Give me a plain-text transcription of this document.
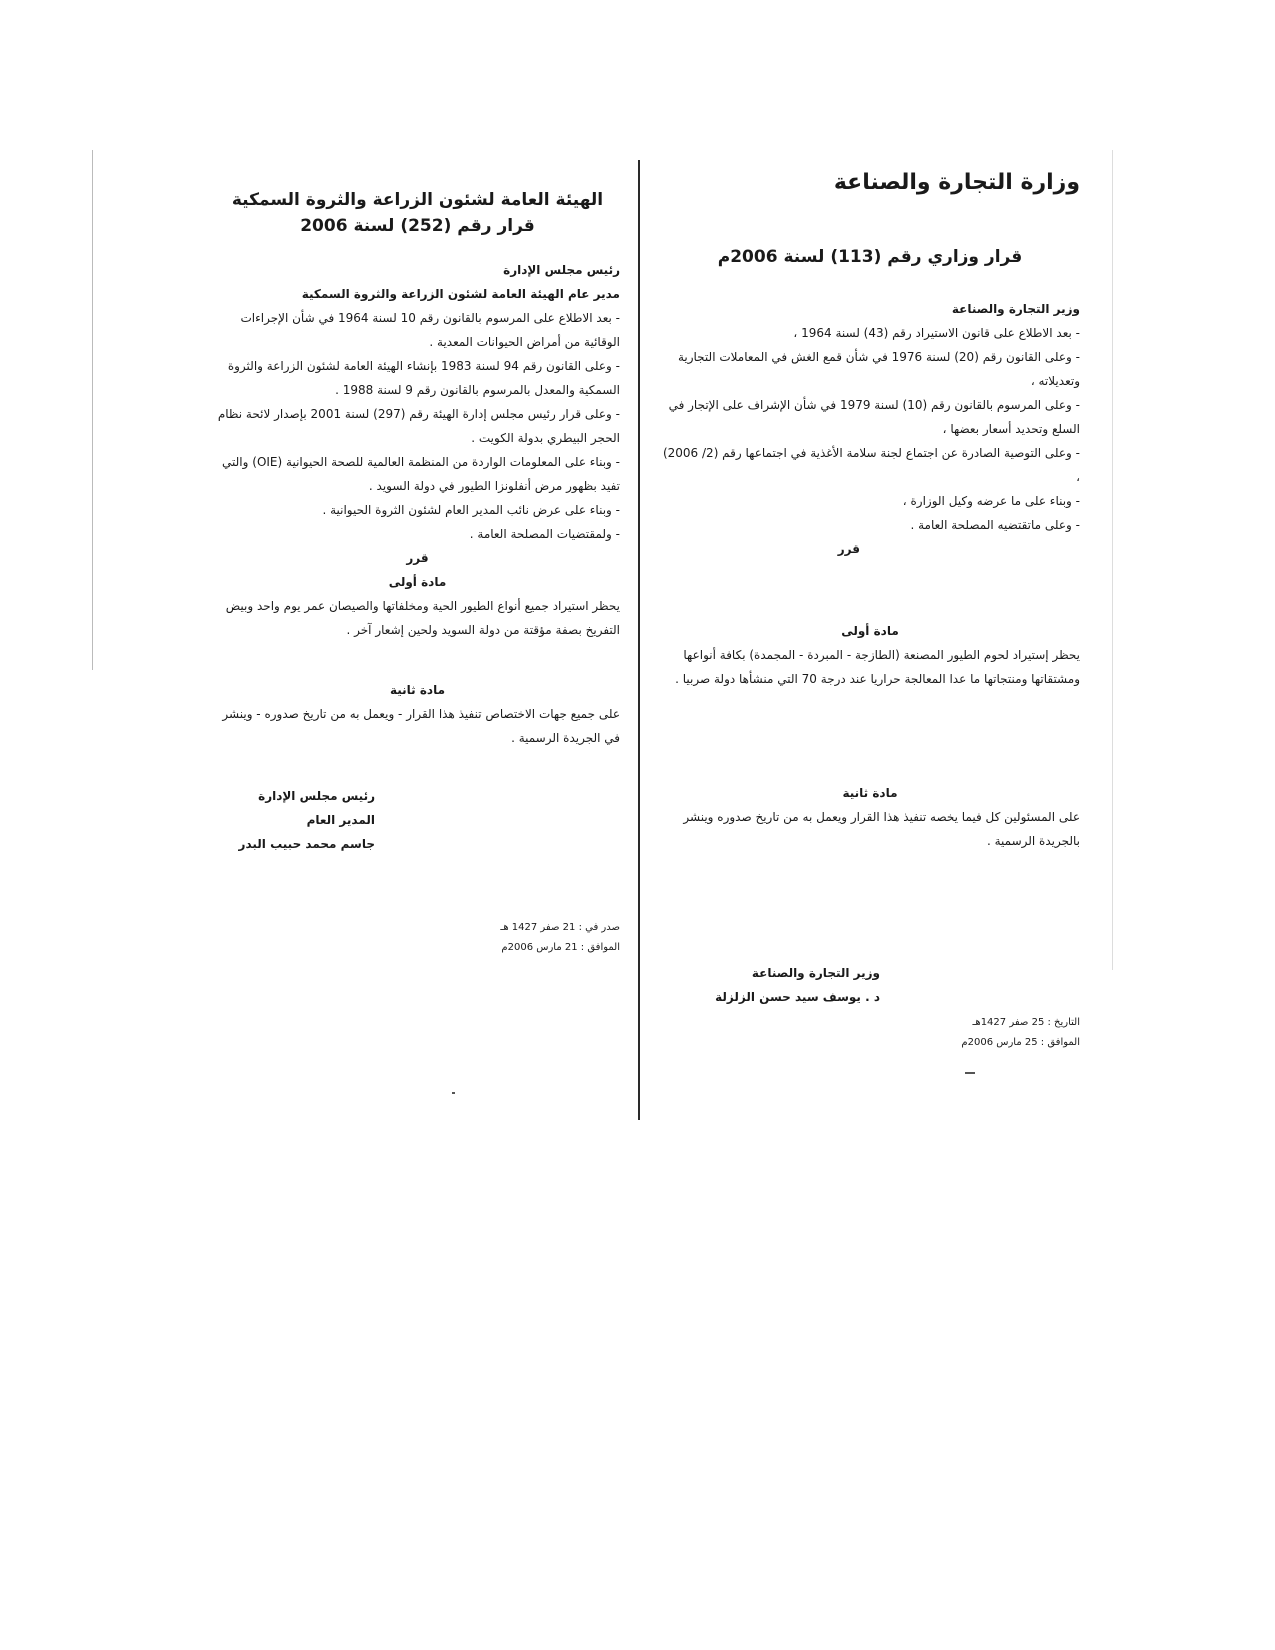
وزارة التجارة والصناعة
قرار وزاري رقم (113) لسنة 2006م

وزير التجارة والصناعة

- بعد الاطلاع على قانون الاستيراد رقم (43) لسنة 1964 ،

- وعلى القانون رقم (20) لسنة 1976 في شأن قمع الغش في المعاملات التجارية وتعديلاته ،

- وعلى المرسوم بالقانون رقم (10) لسنة 1979 في شأن الإشراف على الإتجار في السلع وتحديد أسعار بعضها ،

- وعلى التوصية الصادرة عن اجتماع لجنة سلامة الأغذية في اجتماعها رقم (2/ 2006) ،

- وبناء على ما عرضه وكيل الوزارة ،

- وعلى ماتقتضيه المصلحة العامة .

قرر

مادة أولى

يحظر إستيراد لحوم الطيور المصنعة (الطازجة - المبردة - المجمدة) بكافة أنواعها ومشتقاتها ومنتجاتها ما عدا المعالجة حراريا عند درجة 70 التي منشأها دولة صربيا .

مادة ثانية

على المسئولين كل فيما يخصه تنفيذ هذا القرار ويعمل به من تاريخ صدوره وينشر بالجريدة الرسمية .

وزير التجارة والصناعة

د . يوسف سيد حسن الزلزلة

التاريخ : 25 صفر 1427هـ

الموافق : 25 مارس 2006م

الهيئة العامة لشئون الزراعة والثروة السمكية
قرار رقم (252) لسنة 2006

رئيس مجلس الإدارة

مدير عام الهيئة العامة لشئون الزراعة والثروة السمكية

- بعد الاطلاع على المرسوم بالقانون رقم 10 لسنة 1964 في شأن الإجراءات الوقائية من أمراض الحيوانات المعدية .

- وعلى القانون رقم 94 لسنة 1983 بإنشاء الهيئة العامة لشئون الزراعة والثروة السمكية والمعدل بالمرسوم بالقانون رقم 9 لسنة 1988 .

- وعلى قرار رئيس مجلس إدارة الهيئة رقم (297) لسنة 2001 بإصدار لائحة نظام الحجر البيطري بدولة الكويت .

- وبناء على المعلومات الواردة من المنظمة العالمية للصحة الحيوانية (OIE) والتي تفيد بظهور مرض أنفلونزا الطيور في دولة السويد .

- وبناء على عرض نائب المدير العام لشئون الثروة الحيوانية .

- ولمقتضيات المصلحة العامة .

قرر

مادة أولى

يحظر استيراد جميع أنواع الطيور الحية ومخلفاتها والصيصان عمر يوم واحد وبيض التفريخ بصفة مؤقتة من دولة السويد ولحين إشعار آخر .

مادة ثانية

على جميع جهات الاختصاص تنفيذ هذا القرار - ويعمل به من تاريخ صدوره - وينشر في الجريدة الرسمية .

رئيس مجلس الإدارة

المدير العام

جاسم محمد حبيب البدر

صدر في : 21 صفر 1427 هـ

الموافق : 21 مارس 2006م
